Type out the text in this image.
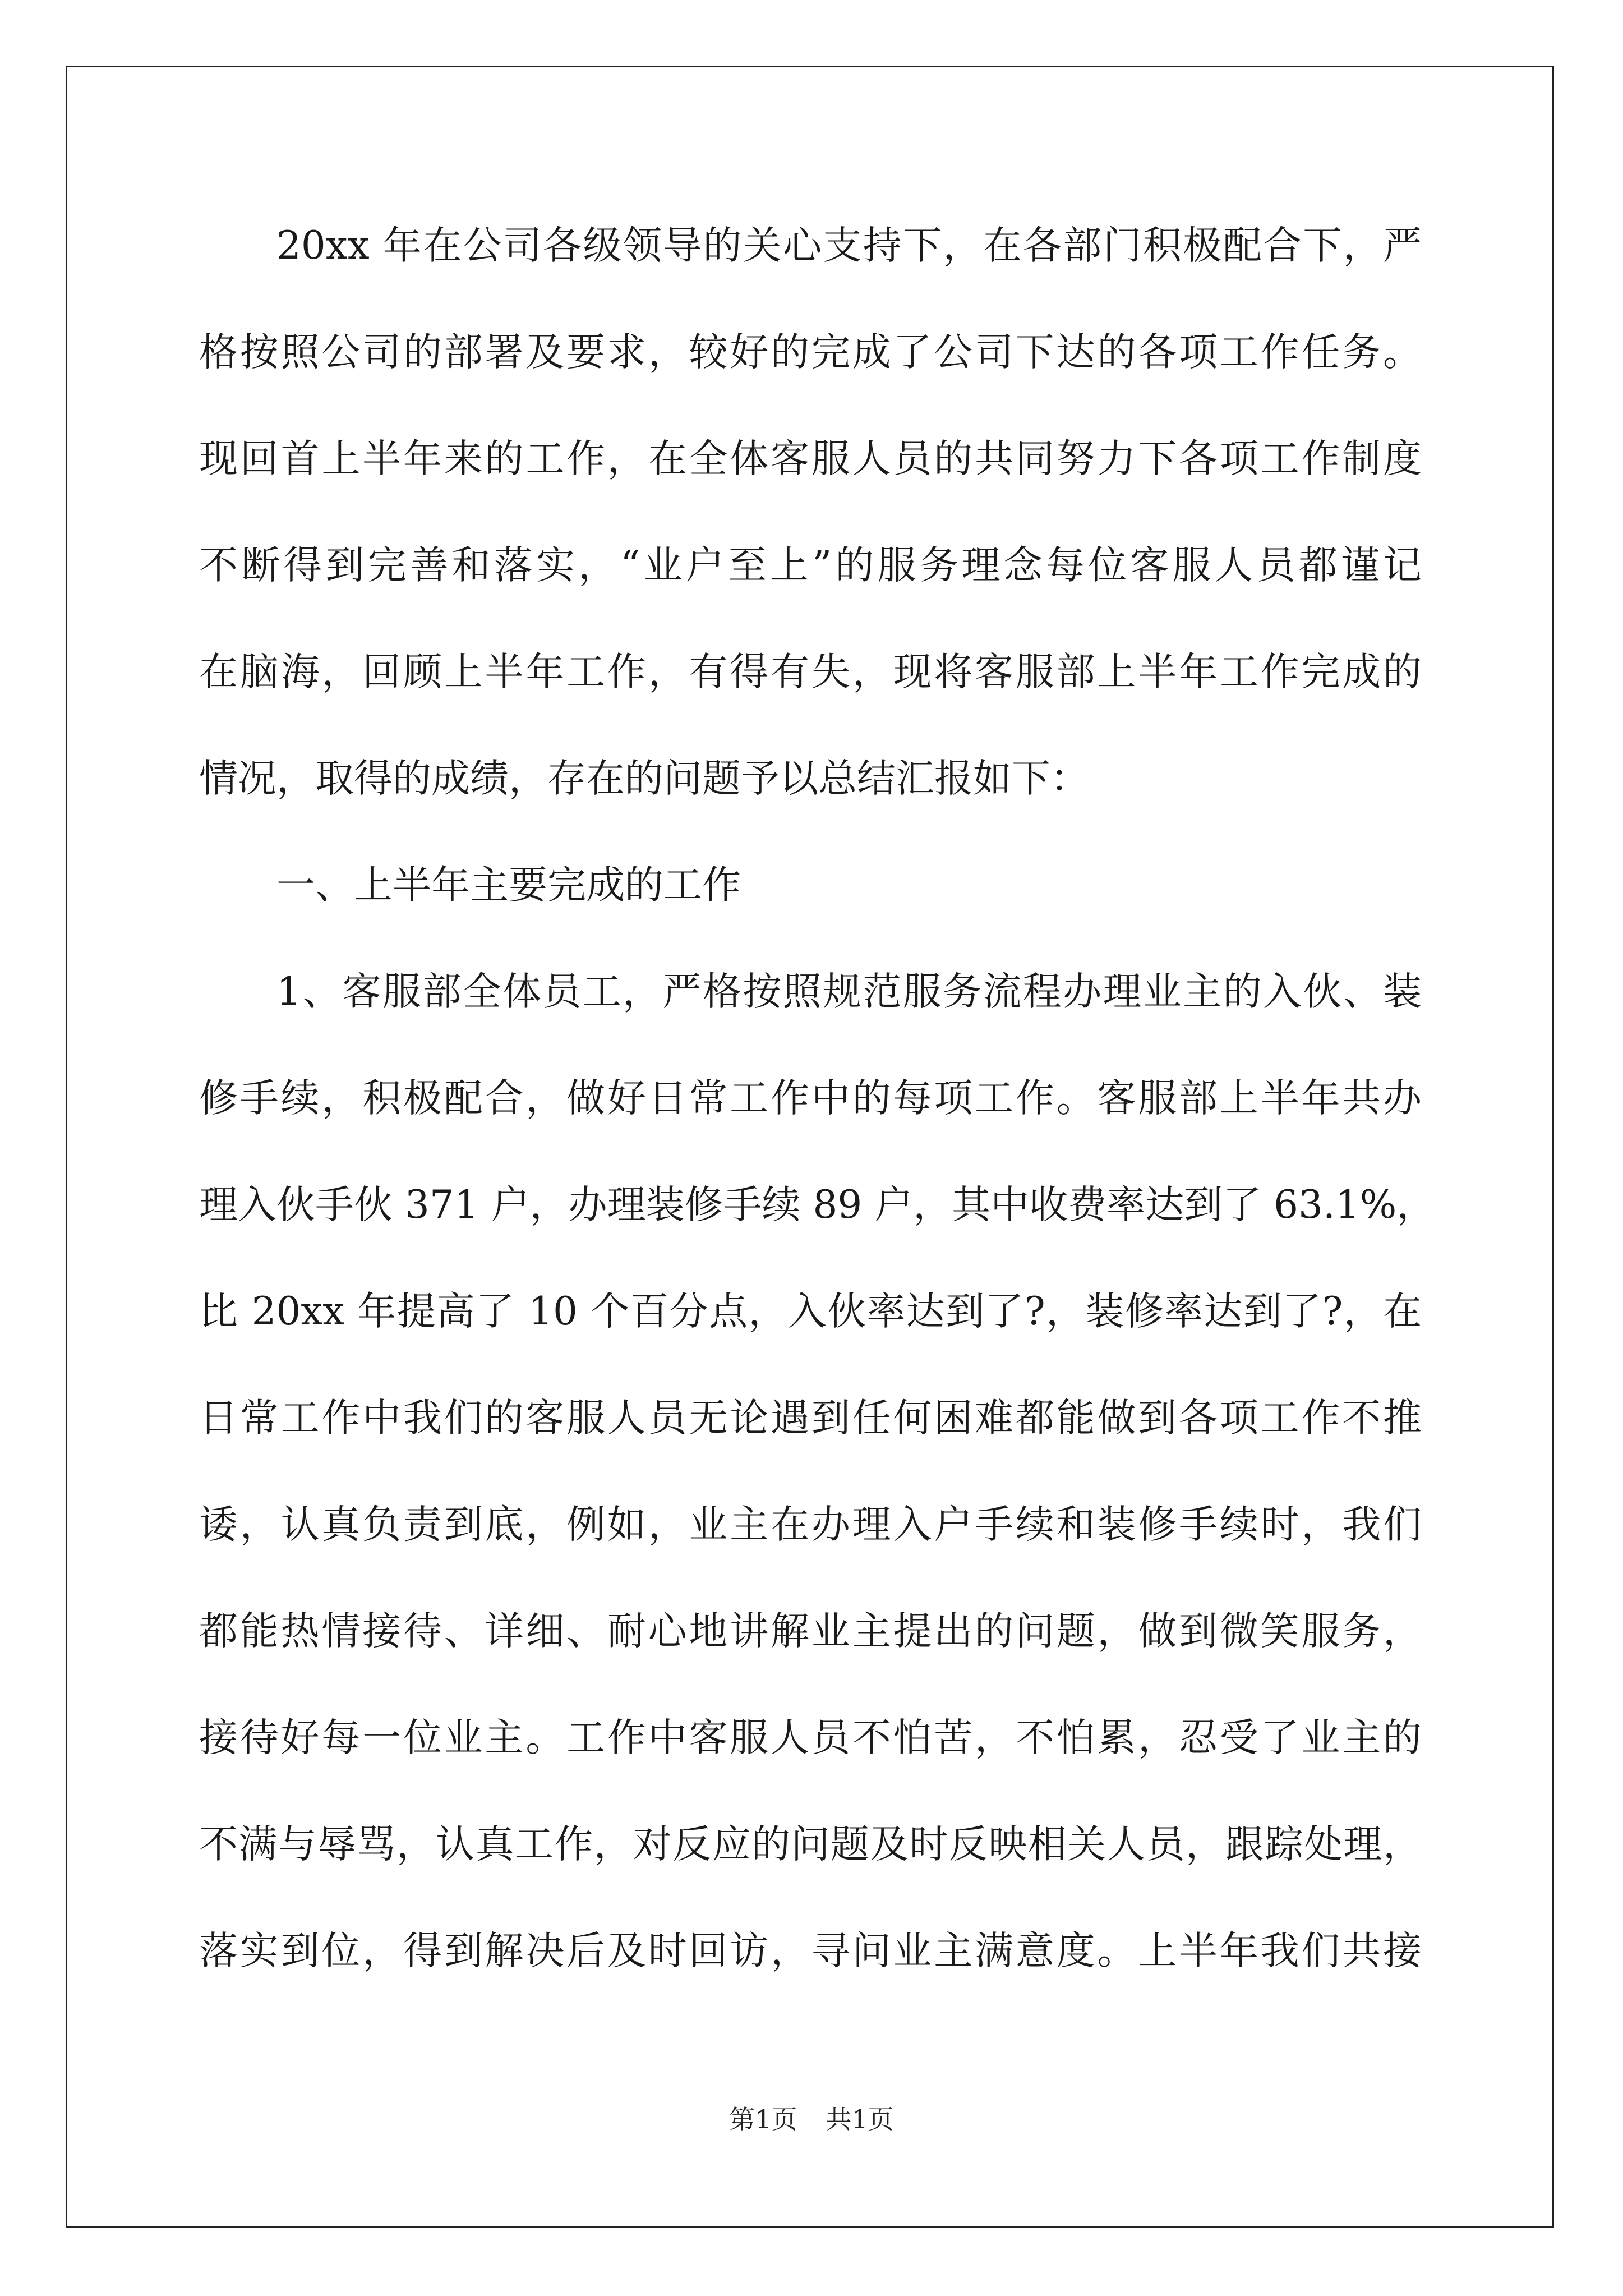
20xx 年在公司各级领导的关心支持下，在各部门积极配合下，严
格按照公司的部署及要求，较好的完成了公司下达的各项工作任务。
现回首上半年来的工作，在全体客服人员的共同努力下各项工作制度
不断得到完善和落实，“业户至上”的服务理念每位客服人员都谨记
在脑海，回顾上半年工作，有得有失，现将客服部上半年工作完成的
情况，取得的成绩，存在的问题予以总结汇报如下：
一、上半年主要完成的工作
1、客服部全体员工，严格按照规范服务流程办理业主的入伙、装
修手续，积极配合，做好日常工作中的每项工作。客服部上半年共办
理入伙手伙 371 户，办理装修手续 89 户，其中收费率达到了 63.1%，
比 20xx 年提高了 10 个百分点，入伙率达到了?，装修率达到了?，在
日常工作中我们的客服人员无论遇到任何困难都能做到各项工作不推
诿，认真负责到底，例如，业主在办理入户手续和装修手续时，我们
都能热情接待、详细、耐心地讲解业主提出的问题，做到微笑服务，
接待好每一位业主。工作中客服人员不怕苦，不怕累，忍受了业主的
不满与辱骂，认真工作，对反应的问题及时反映相关人员，跟踪处理，
落实到位，得到解决后及时回访，寻问业主满意度。上半年我们共接
第1页 共1页
